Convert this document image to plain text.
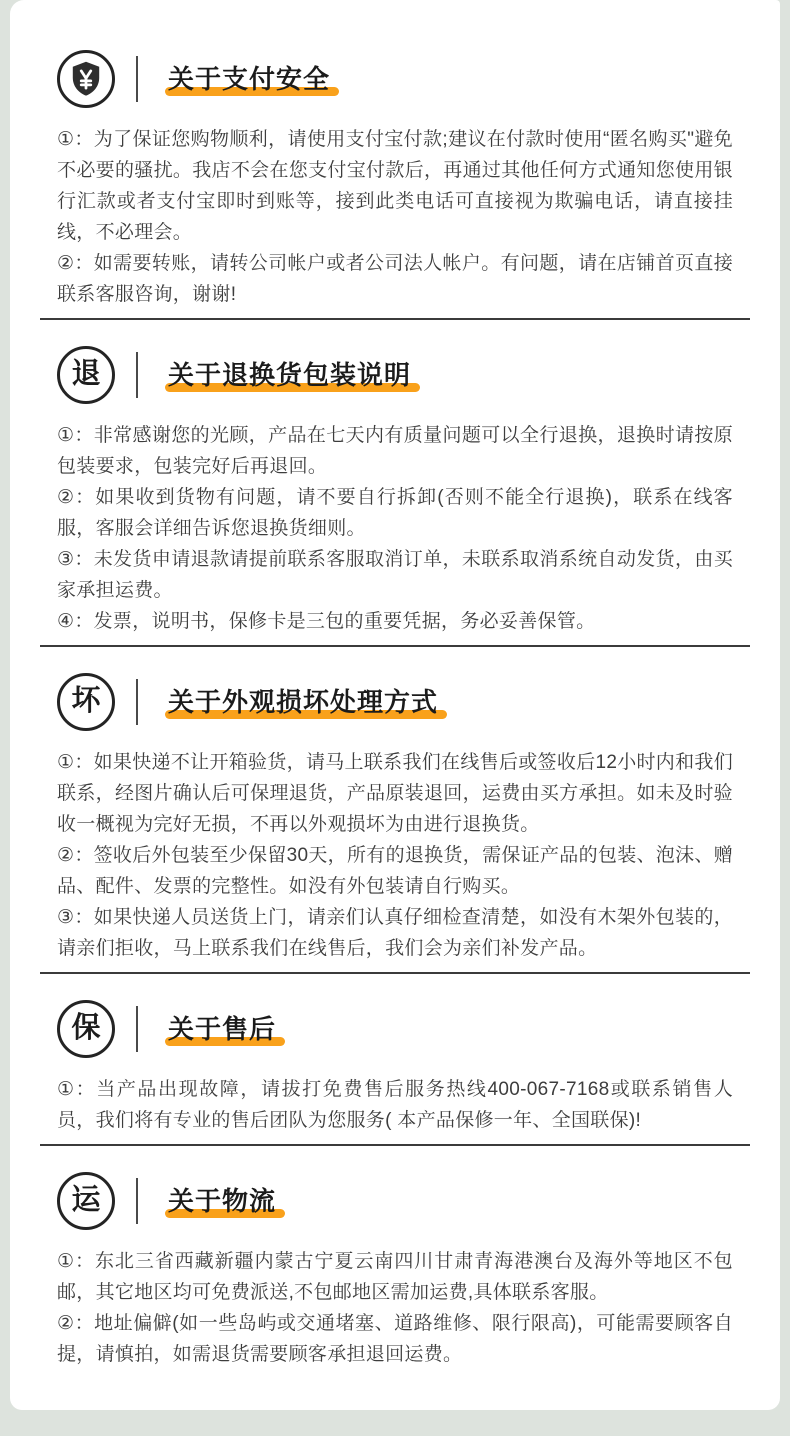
关于支付安全

①：为了保证您购物顺利，请使用支付宝付款;建议在付款时使用“匿名购买"避免不必要的骚扰。我店不会在您支付宝付款后，再通过其他任何方式通知您使用银行汇款或者支付宝即时到账等，接到此类电话可直接视为欺骗电话，请直接挂线，不必理会。

②：如需要转账，请转公司帐户或者公司法人帐户。有问题，请在店铺首页直接联系客服咨询，谢谢!

退	关于退换货包装说明

①：非常感谢您的光顾，产品在七天内有质量问题可以全行退换，退换时请按原包装要求，包装完好后再退回。

②：如果收到货物有问题，请不要自行拆卸(否则不能全行退换)，联系在线客服，客服会详细告诉您退换货细则。

③：未发货申请退款请提前联系客服取消订单，未联系取消系统自动发货，由买家承担运费。

④：发票，说明书，保修卡是三包的重要凭据，务必妥善保管。

坏	关于外观损坏处理方式

①：如果快递不让开箱验货，请马上联系我们在线售后或签收后12小时内和我们联系，经图片确认后可保理退货，产品原装退回，运费由买方承担。如未及时验收一概视为完好无损，不再以外观损坏为由进行退换货。

②：签收后外包装至少保留30天，所有的退换货，需保证产品的包装、泡沫、赠品、配件、发票的完整性。如没有外包装请自行购买。

③：如果快递人员送货上门，请亲们认真仔细检查清楚，如没有木架外包装的，请亲们拒收，马上联系我们在线售后，我们会为亲们补发产品。

保	关于售后

①：当产品出现故障，请拔打免费售后服务热线400-067-7168或联系销售人员，我们将有专业的售后团队为您服务( 本产品保修一年、全国联保)!

运	关于物流

①：东北三省西藏新疆内蒙古宁夏云南四川甘肃青海港澳台及海外等地区不包邮，其它地区均可免费派送,不包邮地区需加运费,具体联系客服。

②：地址偏僻(如一些岛屿或交通堵塞、道路维修、限行限高)，可能需要顾客自提，请慎拍，如需退货需要顾客承担退回运费。
